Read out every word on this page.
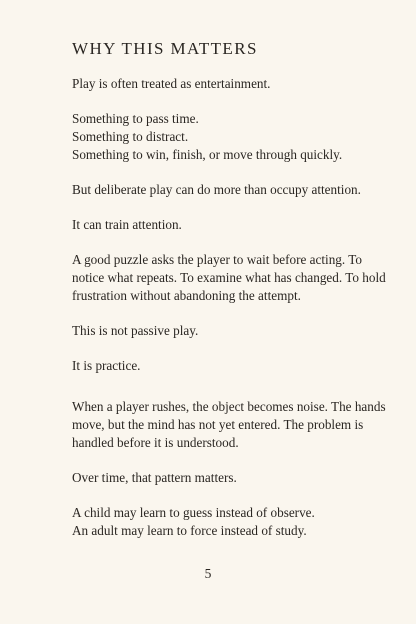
WHY THIS MATTERS
Play is often treated as entertainment.
Something to pass time.
Something to distract.
Something to win, finish, or move through quickly.
But deliberate play can do more than occupy attention.
It can train attention.
A good puzzle asks the player to wait before acting. To
notice what repeats. To examine what has changed. To hold
frustration without abandoning the attempt.
This is not passive play.
It is practice.
When a player rushes, the object becomes noise. The hands
move, but the mind has not yet entered. The problem is
handled before it is understood.
Over time, that pattern matters.
A child may learn to guess instead of observe.
An adult may learn to force instead of study.
5
